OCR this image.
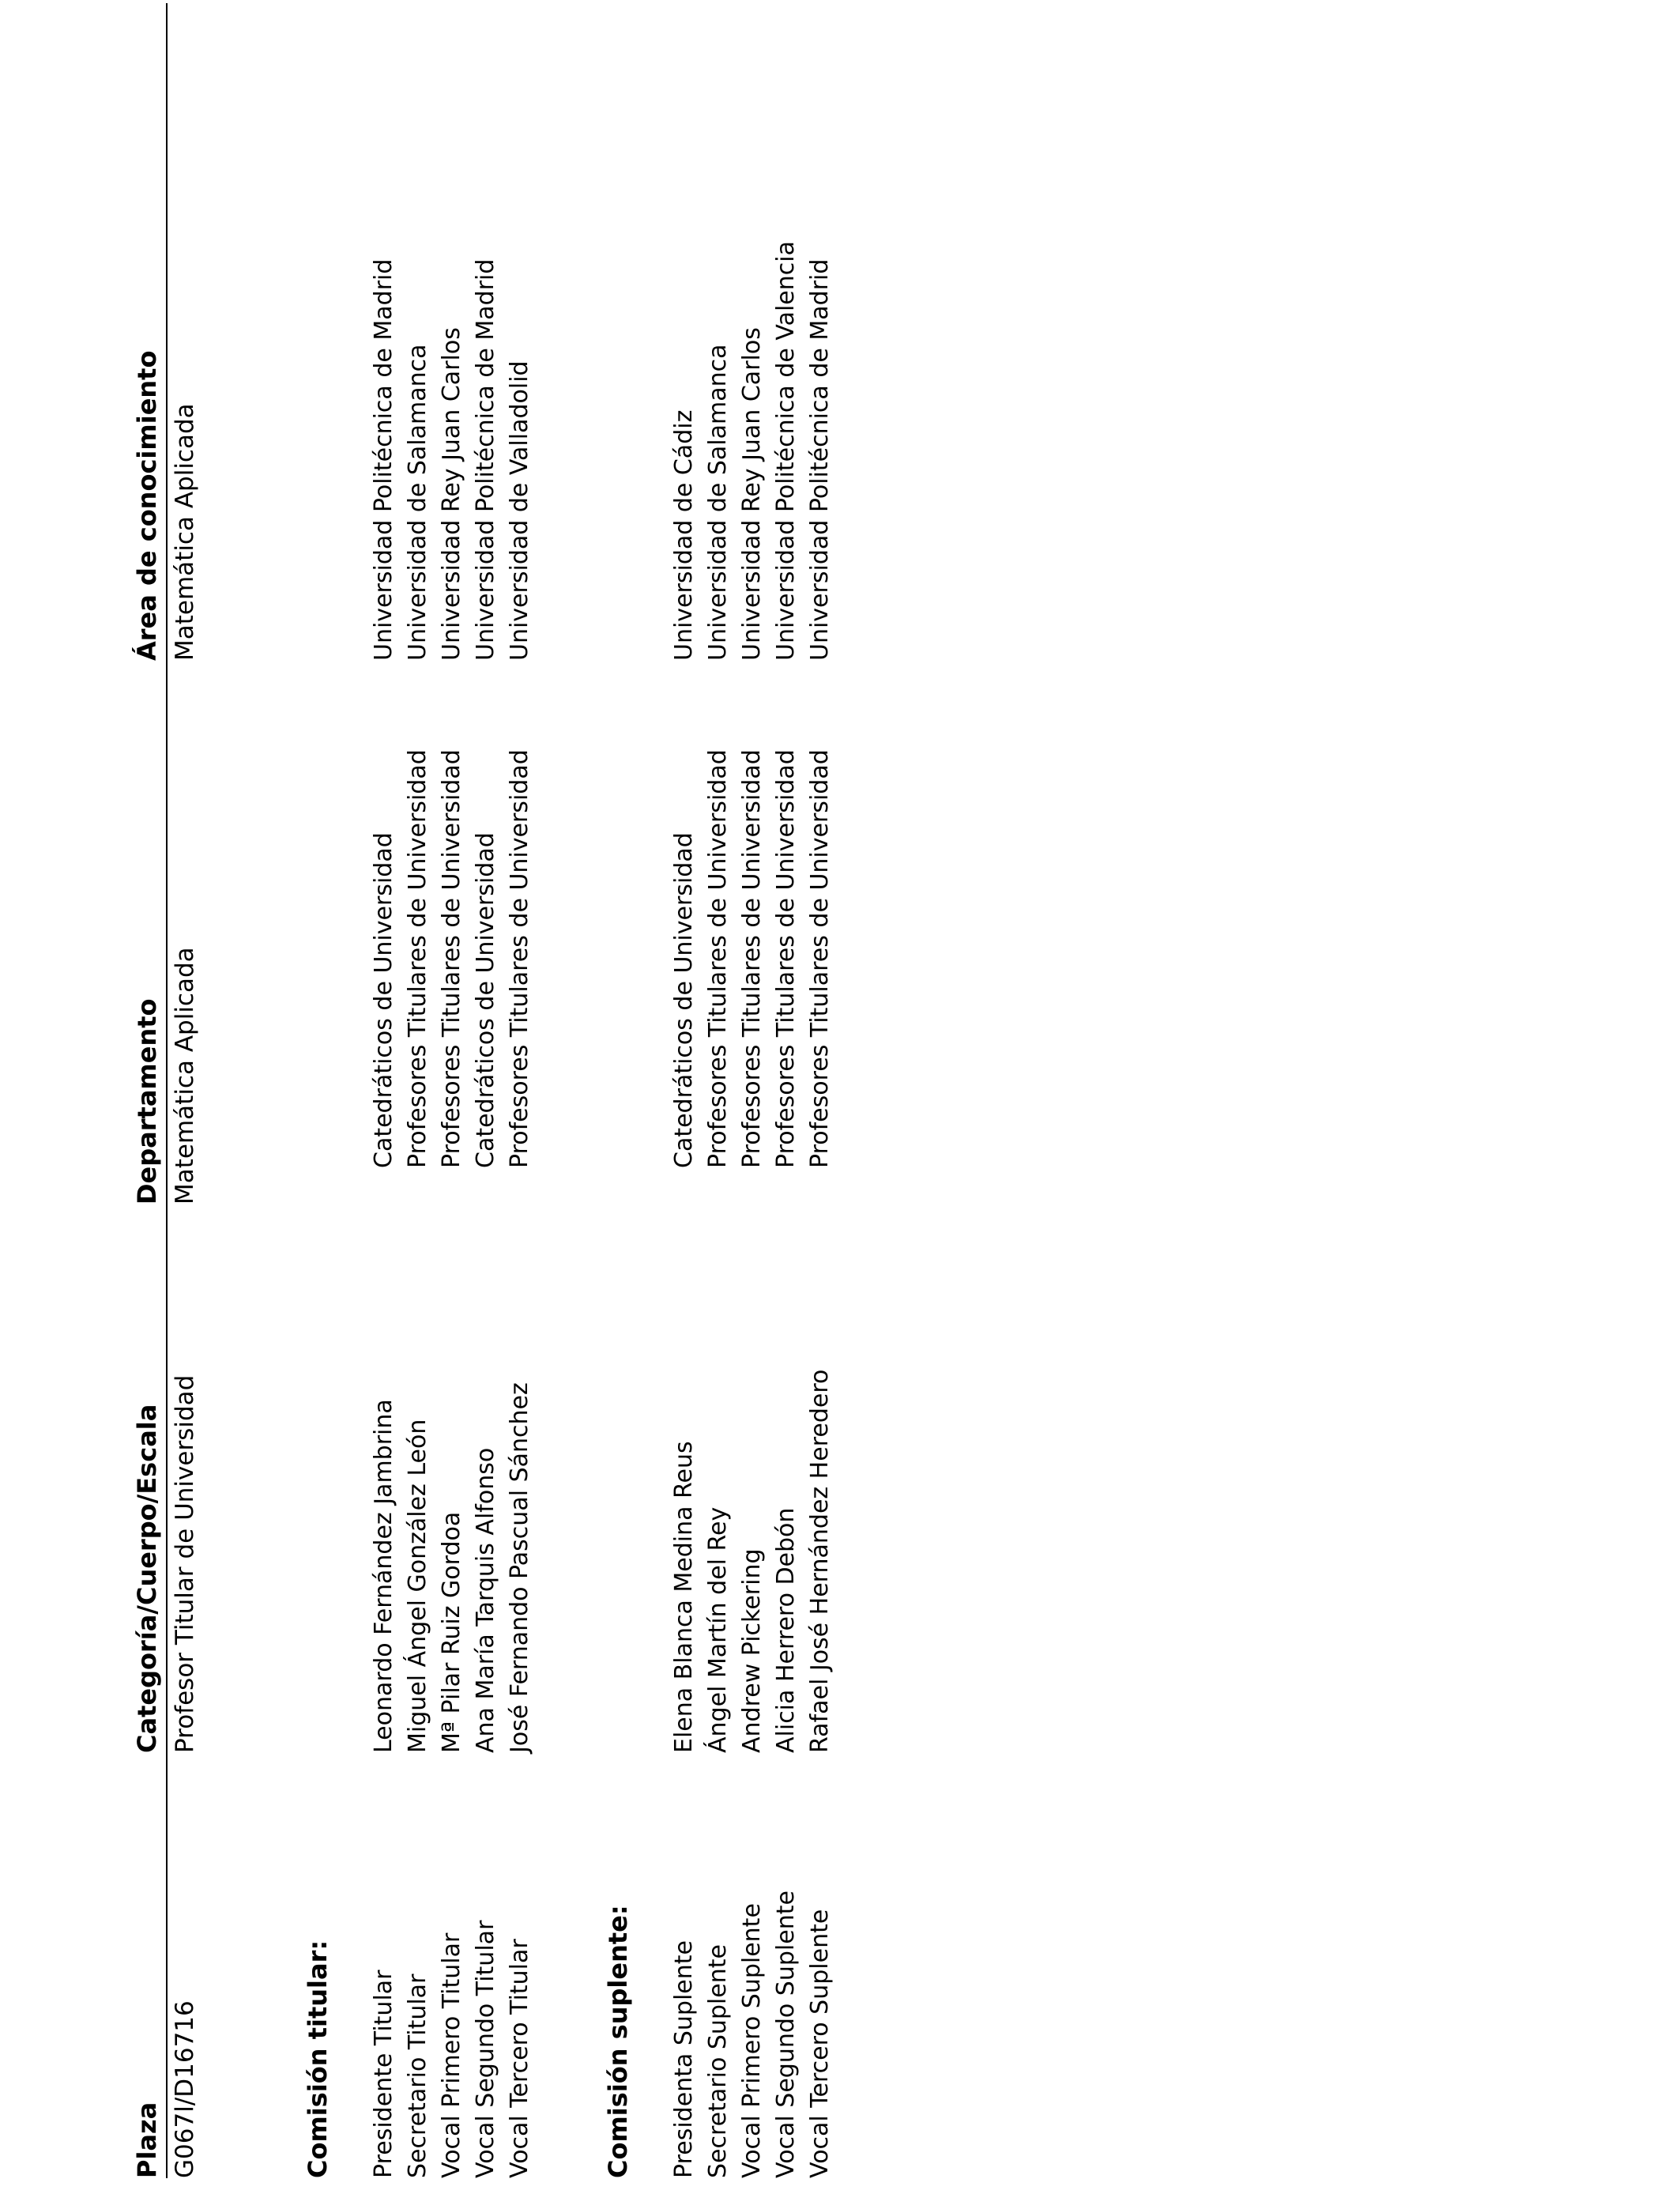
Plaza
Categoría/Cuerpo/Escala
Departamento
Área de conocimiento
G067l/D16716
Profesor Titular de Universidad
Matemática Aplicada
Matemática Aplicada
Comisión titular: Presidente Titular Secretario Titular Vocal Primero Titular Vocal Segundo Titular Vocal Tercero Titular
Leonardo Fernández Jambrina Miguel Ángel González León Mª Pilar Ruiz Gordoa Ana María Tarquis Alfonso José Fernando Pascual Sánchez
Catedráticos de Universidad Profesores Titulares de Universidad Profesores Titulares de Universidad Catedráticos de Universidad Profesores Titulares de Universidad
Universidad Politécnica de Madrid Universidad de Salamanca Universidad Rey Juan Carlos Universidad Politécnica de Madrid Universidad de Valladolid
Comisión suplente: Presidenta Suplente Secretario Suplente Vocal Primero Suplente Vocal Segundo Suplente Vocal Tercero Suplente
Elena Blanca Medina Reus Ángel Martín del Rey Andrew Pickering Alicia Herrero Debón Rafael José Hernández Heredero
Catedráticos de Universidad Profesores Titulares de Universidad Profesores Titulares de Universidad Profesores Titulares de Universidad Profesores Titulares de Universidad
Universidad de Cádiz Universidad de Salamanca Universidad Rey Juan Carlos Universidad Politécnica de Valencia Universidad Politécnica de Madrid
